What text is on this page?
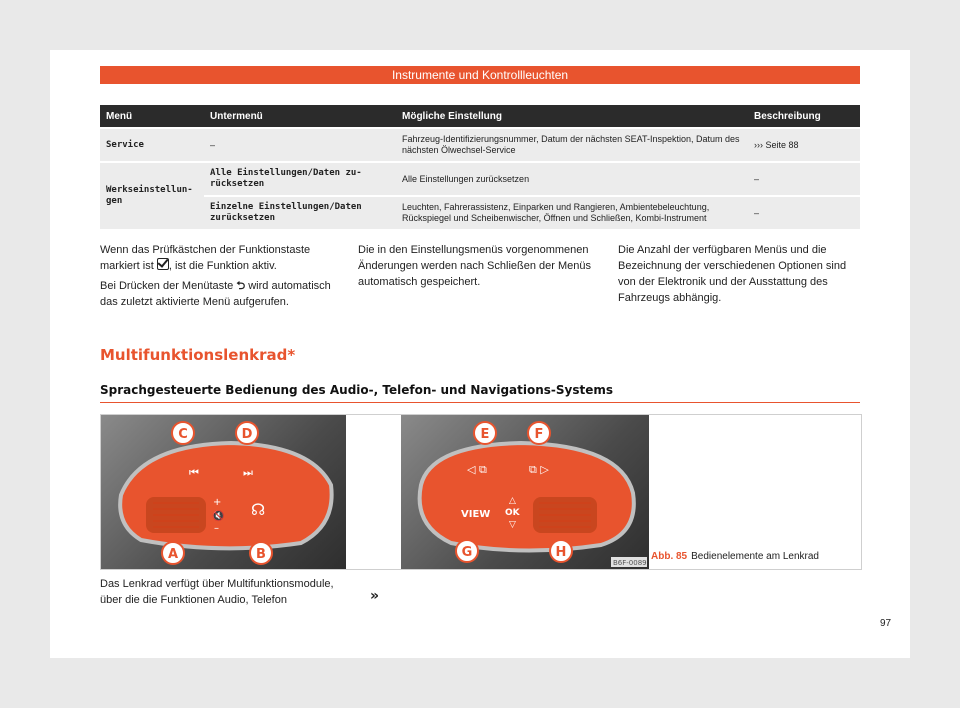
Instrumente und Kontrollleuchten
Menü	Untermenü	Mögliche Einstellung	Beschreibung
Service	–	Fahrzeug-Identifizierungsnummer, Datum der nächsten SEAT-Inspektion, Datum des nächsten Ölwechsel-Service	››› Seite 88
Werkseinstellun-gen	Alle Einstellungen/Daten zu-rücksetzen	Alle Einstellungen zurücksetzen	–
	Einzelne Einstellungen/Daten zurücksetzen	Leuchten, Fahrerassistenz, Einparken und Rangieren, Ambientebeleuchtung, Rückspiegel und Scheibenwischer, Öffnen und Schließen, Kombi-Instrument	–

Wenn das Prüfkästchen der Funktionstaste markiert ist , ist die Funktion aktiv.

Bei Drücken der Menütaste ⮌ wird automatisch das zuletzt aktivierte Menü aufgerufen.

Die in den Einstellungsmenüs vorgenommenen Änderungen werden nach Schließen der Menüs automatisch gespeichert.

Die Anzahl der verfügbaren Menüs und die Bezeichnung der verschiedenen Optionen sind von der Elektronik und der Ausstattung des Fahrzeugs abhängig.

Multifunktionslenkrad*
Sprachgesteuerte Bedienung des Audio-, Telefon- und Navigations-Systems
⏮	⏭
+
🔇
–
☊
C	D
A	B
◁ ⧉	⧉ ▷
VIEW
△
OK
▽
E	F
G	H
B6F-0089
Abb. 85 Bedienelemente am Lenkrad
Das Lenkrad verfügt über Multifunktionsmodule, über die die Funktionen Audio, Telefon	»
97
